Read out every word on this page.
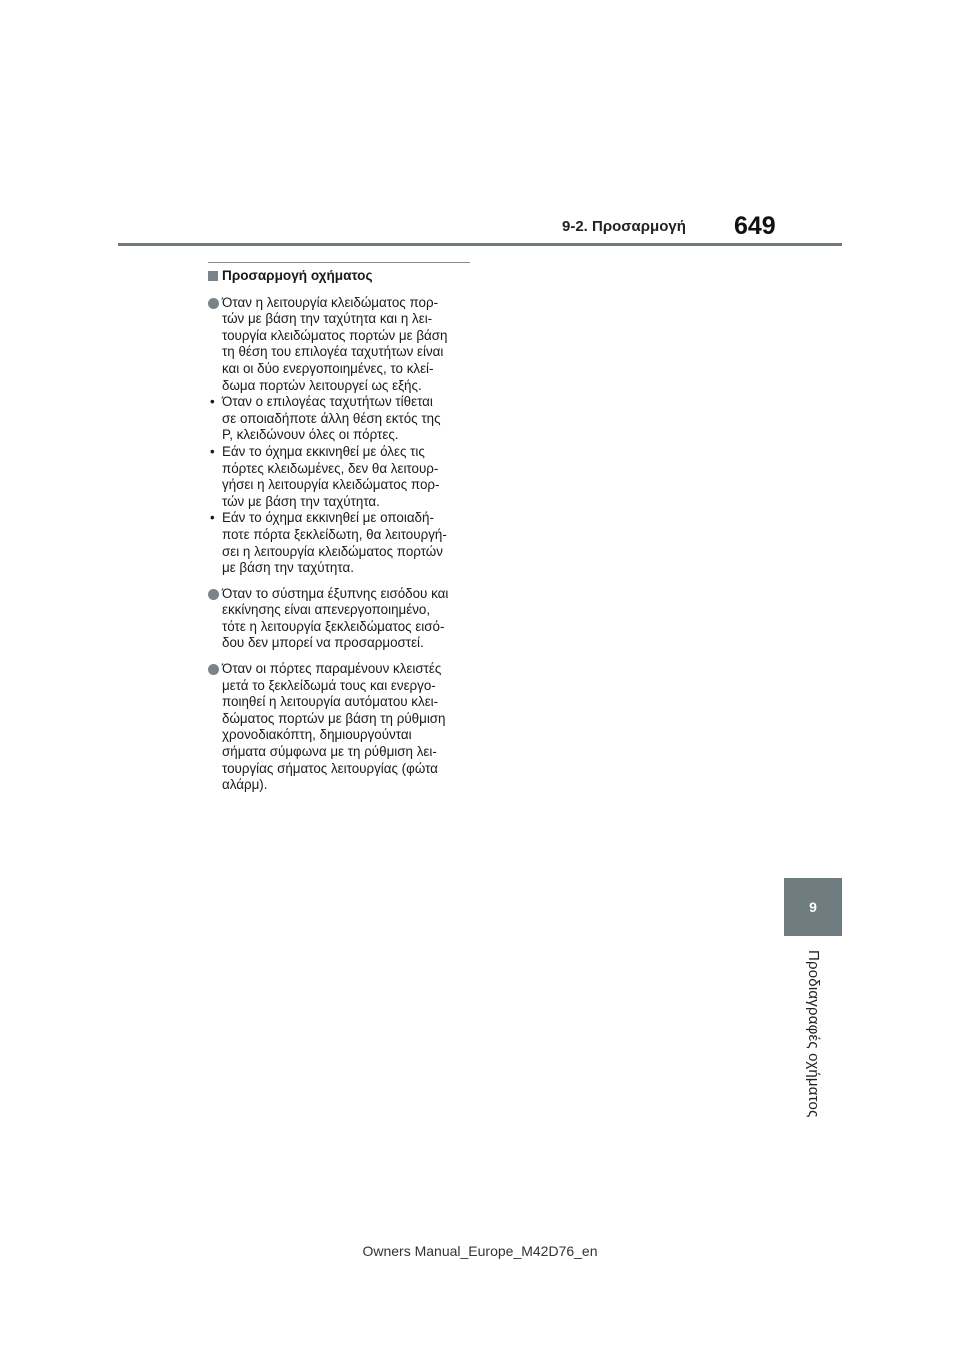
9-2. Προσαρμογή 649
9
Προδιαγραφές οχήματος
Προσαρμογή οχήματος
Όταν η λειτουργία κλειδώματος πορ-
τών με βάση την ταχύτητα και η λει-
τουργία κλειδώματος πορτών με βάση
τη θέση του επιλογέα ταχυτήτων είναι
και οι δύο ενεργοποιημένες, το κλεί-
δωμα πορτών λειτουργεί ως εξής.
• Όταν ο επιλογέας ταχυτήτων τίθεται
σε οποιαδήποτε άλλη θέση εκτός της
P, κλειδώνουν όλες οι πόρτες.
• Εάν το όχημα εκκινηθεί με όλες τις
πόρτες κλειδωμένες, δεν θα λειτουρ-
γήσει η λειτουργία κλειδώματος πορ-
τών με βάση την ταχύτητα.
• Εάν το όχημα εκκινηθεί με οποιαδή-
ποτε πόρτα ξεκλείδωτη, θα λειτουργή-
σει η λειτουργία κλειδώματος πορτών
με βάση την ταχύτητα.
Όταν το σύστημα έξυπνης εισόδου και
εκκίνησης είναι απενεργοποιημένο,
τότε η λειτουργία ξεκλειδώματος εισό-
δου δεν μπορεί να προσαρμοστεί.
Όταν οι πόρτες παραμένουν κλειστές
μετά το ξεκλείδωμά τους και ενεργο-
ποιηθεί η λειτουργία αυτόματου κλει-
δώματος πορτών με βάση τη ρύθμιση
χρονοδιακόπτη, δημιουργούνται
σήματα σύμφωνα με τη ρύθμιση λει-
τουργίας σήματος λειτουργίας (φώτα
αλάρμ).
Owners Manual_Europe_M42D76_en
